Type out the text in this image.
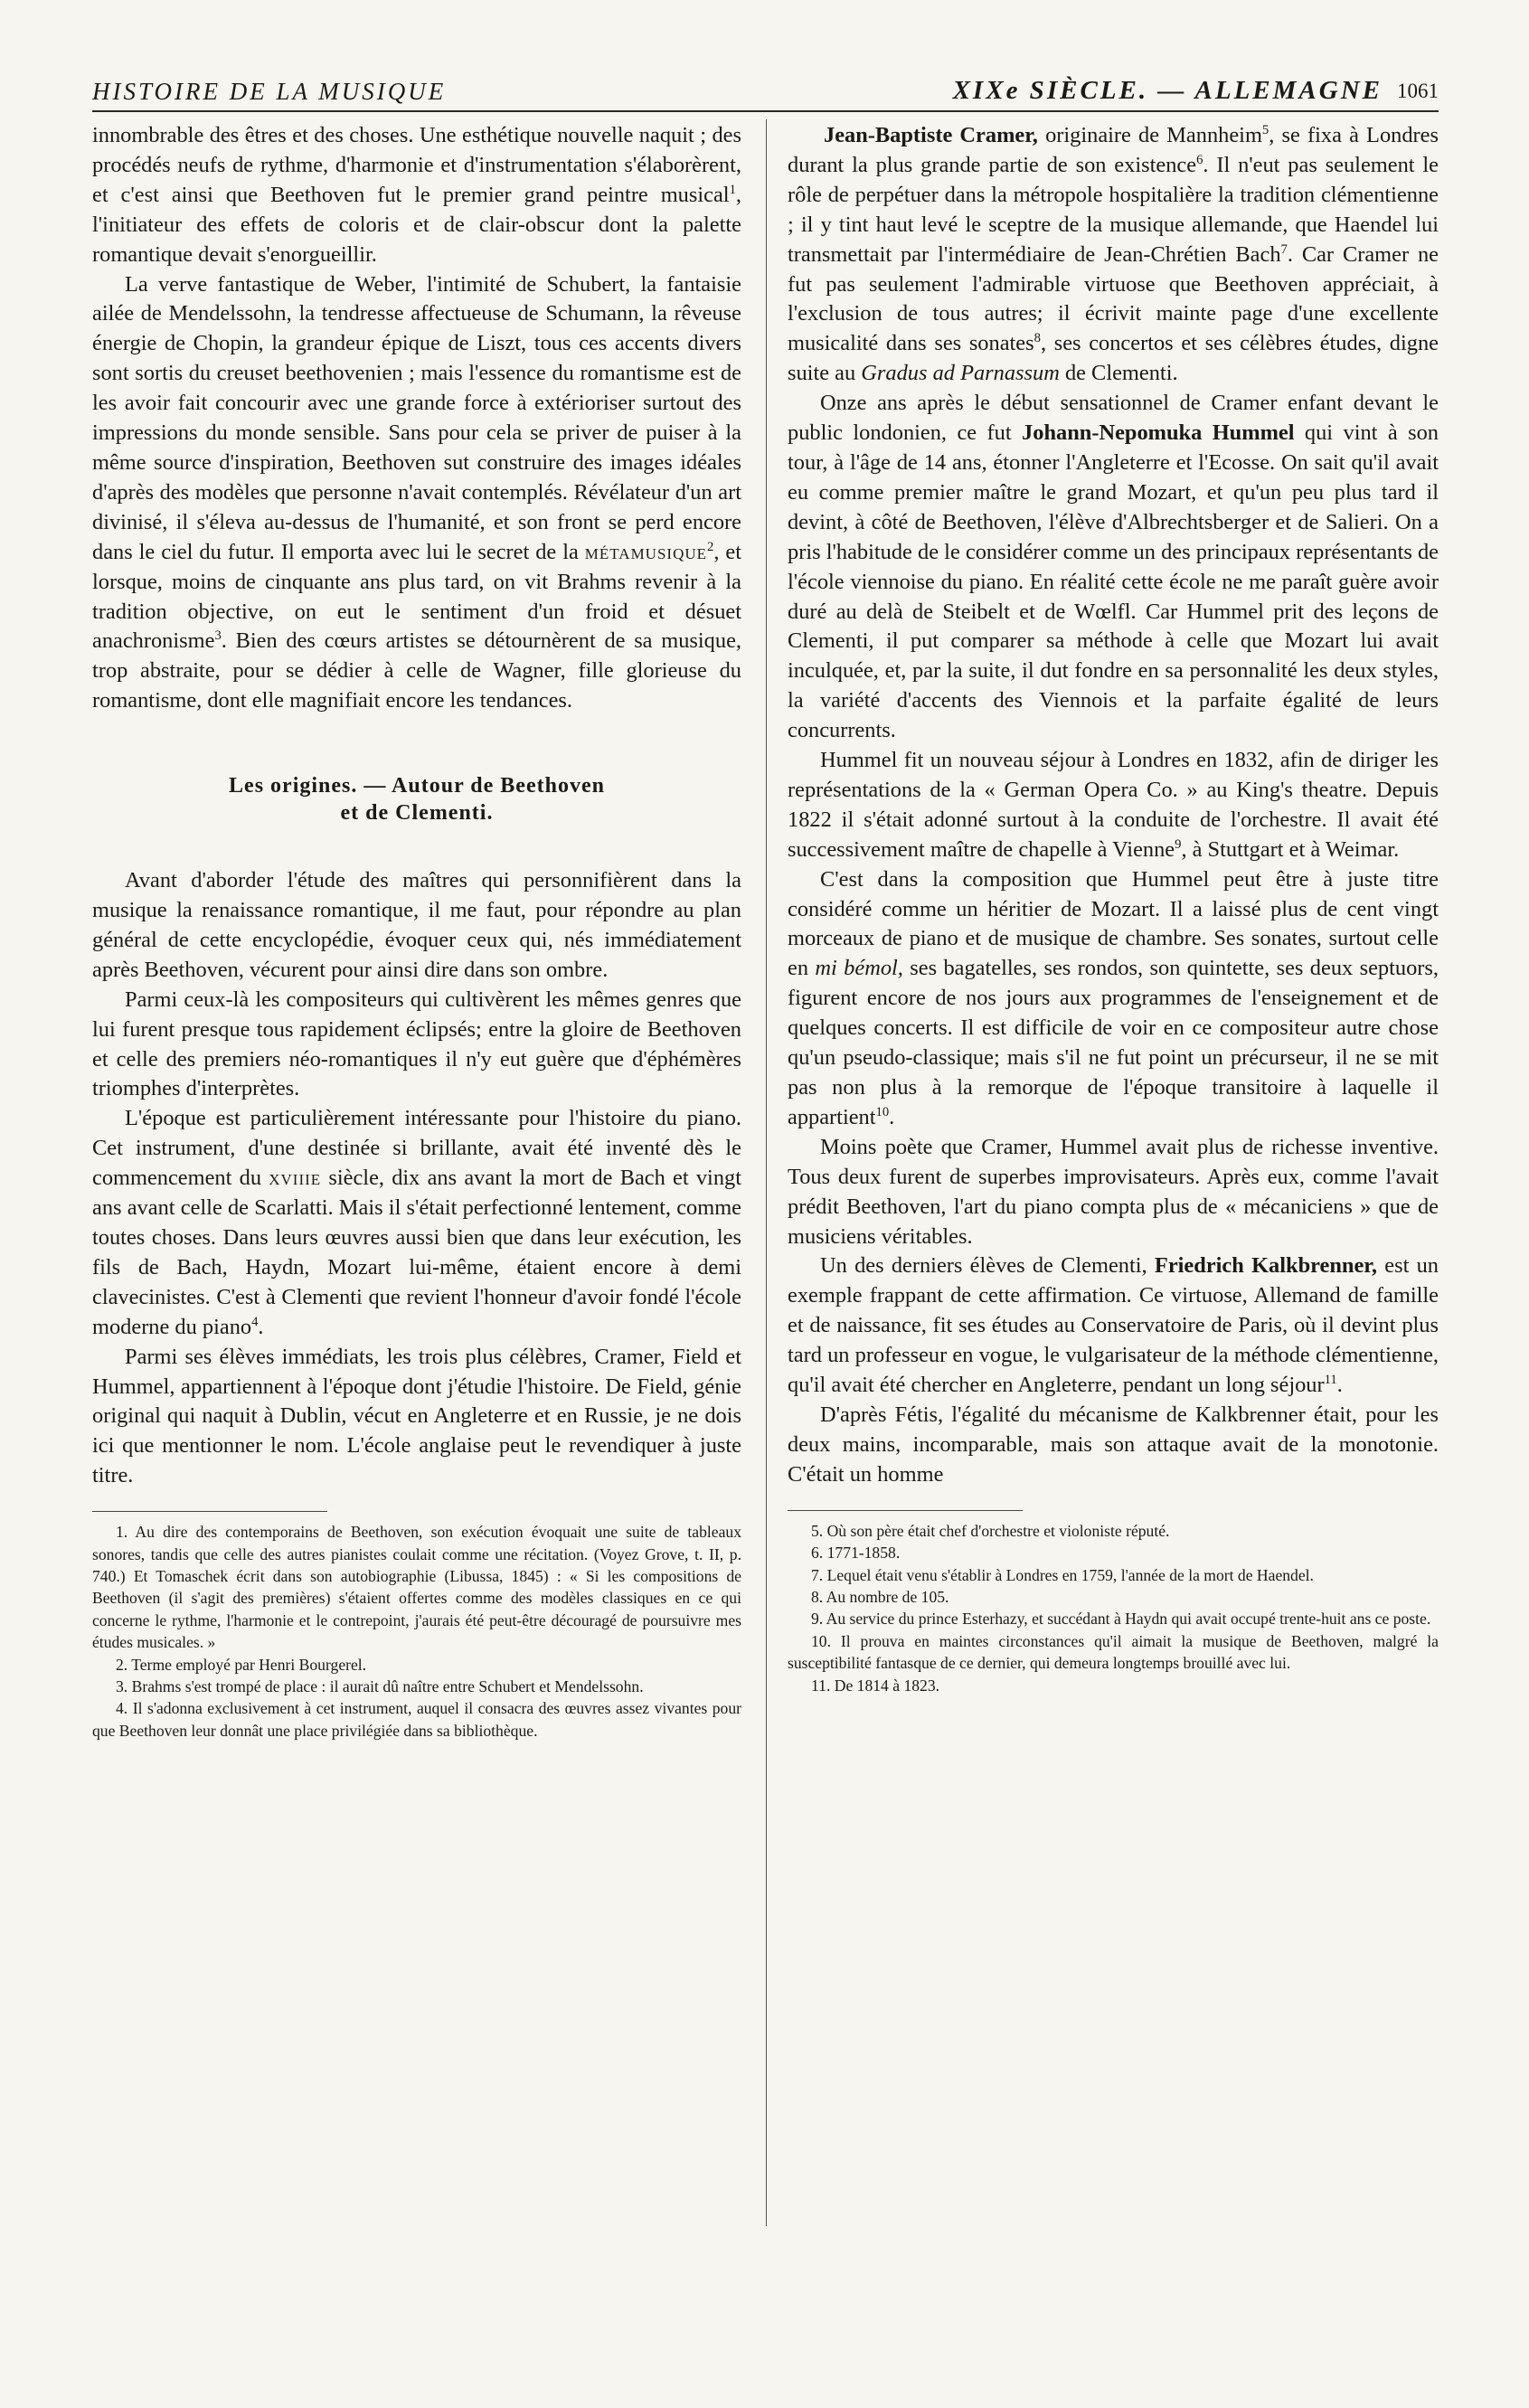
HISTOIRE DE LA MUSIQUE	XIXe SIÈCLE. — ALLEMAGNE 1061

innombrable des êtres et des choses. Une esthétique nouvelle naquit ; des procédés neufs de rythme, d'harmonie et d'instrumentation s'élaborèrent, et c'est ainsi que Beethoven fut le premier grand peintre musical$^1$, l'initiateur des effets de coloris et de clair-obscur dont la palette romantique devait s'enorgueillir.

La verve fantastique de Weber, l'intimité de Schubert, la fantaisie ailée de Mendelssohn, la tendresse affectueuse de Schumann, la rêveuse énergie de Chopin, la grandeur épique de Liszt, tous ces accents divers sont sortis du creuset beethovenien ; mais l'essence du romantisme est de les avoir fait concourir avec une grande force à extérioriser surtout des impressions du monde sensible. Sans pour cela se priver de puiser à la même source d'inspiration, Beethoven sut construire des images idéales d'après des modèles que personne n'avait contemplés. Révélateur d'un art divinisé, il s'éleva au-dessus de l'humanité, et son front se perd encore dans le ciel du futur. Il emporta avec lui le secret de la métamusique$^2$, et lorsque, moins de cinquante ans plus tard, on vit Brahms revenir à la tradition objective, on eut le sentiment d'un froid et désuet anachronisme$^3$. Bien des cœurs artistes se détournèrent de sa musique, trop abstraite, pour se dédier à celle de Wagner, fille glorieuse du romantisme, dont elle magnifiait encore les tendances.

Les origines. — Autour de Beethoven
et de Clementi.

Avant d'aborder l'étude des maîtres qui personnifièrent dans la musique la renaissance romantique, il me faut, pour répondre au plan général de cette encyclopédie, évoquer ceux qui, nés immédiatement après Beethoven, vécurent pour ainsi dire dans son ombre.

Parmi ceux-là les compositeurs qui cultivèrent les mêmes genres que lui furent presque tous rapidement éclipsés; entre la gloire de Beethoven et celle des premiers néo-romantiques il n'y eut guère que d'éphémères triomphes d'interprètes.

L'époque est particulièrement intéressante pour l'histoire du piano. Cet instrument, d'une destinée si brillante, avait été inventé dès le commencement du xviiie siècle, dix ans avant la mort de Bach et vingt ans avant celle de Scarlatti. Mais il s'était perfectionné lentement, comme toutes choses. Dans leurs œuvres aussi bien que dans leur exécution, les fils de Bach, Haydn, Mozart lui-même, étaient encore à demi clavecinistes. C'est à Clementi que revient l'honneur d'avoir fondé l'école moderne du piano$^4$.

Parmi ses élèves immédiats, les trois plus célèbres, Cramer, Field et Hummel, appartiennent à l'époque dont j'étudie l'histoire. De Field, génie original qui naquit à Dublin, vécut en Angleterre et en Russie, je ne dois ici que mentionner le nom. L'école anglaise peut le revendiquer à juste titre.

1. Au dire des contemporains de Beethoven, son exécution évoquait une suite de tableaux sonores, tandis que celle des autres pianistes coulait comme une récitation. (Voyez Grove, t. II, p. 740.) Et Tomaschek écrit dans son autobiographie (Libussa, 1845) : « Si les compositions de Beethoven (il s'agit des premières) s'étaient offertes comme des modèles classiques en ce qui concerne le rythme, l'harmonie et le contrepoint, j'aurais été peut-être découragé de poursuivre mes études musicales. »
2. Terme employé par Henri Bourgerel.
3. Brahms s'est trompé de place : il aurait dû naître entre Schubert et Mendelssohn.
4. Il s'adonna exclusivement à cet instrument, auquel il consacra des œuvres assez vivantes pour que Beethoven leur donnât une place privilégiée dans sa bibliothèque.

Jean-Baptiste Cramer, originaire de Mannheim$^5$, se fixa à Londres durant la plus grande partie de son existence$^6$. Il n'eut pas seulement le rôle de perpétuer dans la métropole hospitalière la tradition clémentienne ; il y tint haut levé le sceptre de la musique allemande, que Haendel lui transmettait par l'intermédiaire de Jean-Chrétien Bach$^7$. Car Cramer ne fut pas seulement l'admirable virtuose que Beethoven appréciait, à l'exclusion de tous autres; il écrivit mainte page d'une excellente musicalité dans ses sonates$^8$, ses concertos et ses célèbres études, digne suite au Gradus ad Parnassum de Clementi.

Onze ans après le début sensationnel de Cramer enfant devant le public londonien, ce fut Johann-Nepomuka Hummel qui vint à son tour, à l'âge de 14 ans, étonner l'Angleterre et l'Ecosse. On sait qu'il avait eu comme premier maître le grand Mozart, et qu'un peu plus tard il devint, à côté de Beethoven, l'élève d'Albrechtsberger et de Salieri. On a pris l'habitude de le considérer comme un des principaux représentants de l'école viennoise du piano. En réalité cette école ne me paraît guère avoir duré au delà de Steibelt et de Wœlfl. Car Hummel prit des leçons de Clementi, il put comparer sa méthode à celle que Mozart lui avait inculquée, et, par la suite, il dut fondre en sa personnalité les deux styles, la variété d'accents des Viennois et la parfaite égalité de leurs concurrents.

Hummel fit un nouveau séjour à Londres en 1832, afin de diriger les représentations de la « German Opera Co. » au King's theatre. Depuis 1822 il s'était adonné surtout à la conduite de l'orchestre. Il avait été successivement maître de chapelle à Vienne$^9$, à Stuttgart et à Weimar.

C'est dans la composition que Hummel peut être à juste titre considéré comme un héritier de Mozart. Il a laissé plus de cent vingt morceaux de piano et de musique de chambre. Ses sonates, surtout celle en mi bémol, ses bagatelles, ses rondos, son quintette, ses deux septuors, figurent encore de nos jours aux programmes de l'enseignement et de quelques concerts. Il est difficile de voir en ce compositeur autre chose qu'un pseudo-classique; mais s'il ne fut point un précurseur, il ne se mit pas non plus à la remorque de l'époque transitoire à laquelle il appartient$^{10}$.

Moins poète que Cramer, Hummel avait plus de richesse inventive. Tous deux furent de superbes improvisateurs. Après eux, comme l'avait prédit Beethoven, l'art du piano compta plus de « mécaniciens » que de musiciens véritables.

Un des derniers élèves de Clementi, Friedrich Kalkbrenner, est un exemple frappant de cette affirmation. Ce virtuose, Allemand de famille et de naissance, fit ses études au Conservatoire de Paris, où il devint plus tard un professeur en vogue, le vulgarisateur de la méthode clémentienne, qu'il avait été chercher en Angleterre, pendant un long séjour$^{11}$.

D'après Fétis, l'égalité du mécanisme de Kalkbrenner était, pour les deux mains, incomparable, mais son attaque avait de la monotonie. C'était un homme

5. Où son père était chef d'orchestre et violoniste réputé.
6. 1771-1858.
7. Lequel était venu s'établir à Londres en 1759, l'année de la mort de Haendel.
8. Au nombre de 105.
9. Au service du prince Esterhazy, et succédant à Haydn qui avait occupé trente-huit ans ce poste.
10. Il prouva en maintes circonstances qu'il aimait la musique de Beethoven, malgré la susceptibilité fantasque de ce dernier, qui demeura longtemps brouillé avec lui.
11. De 1814 à 1823.
